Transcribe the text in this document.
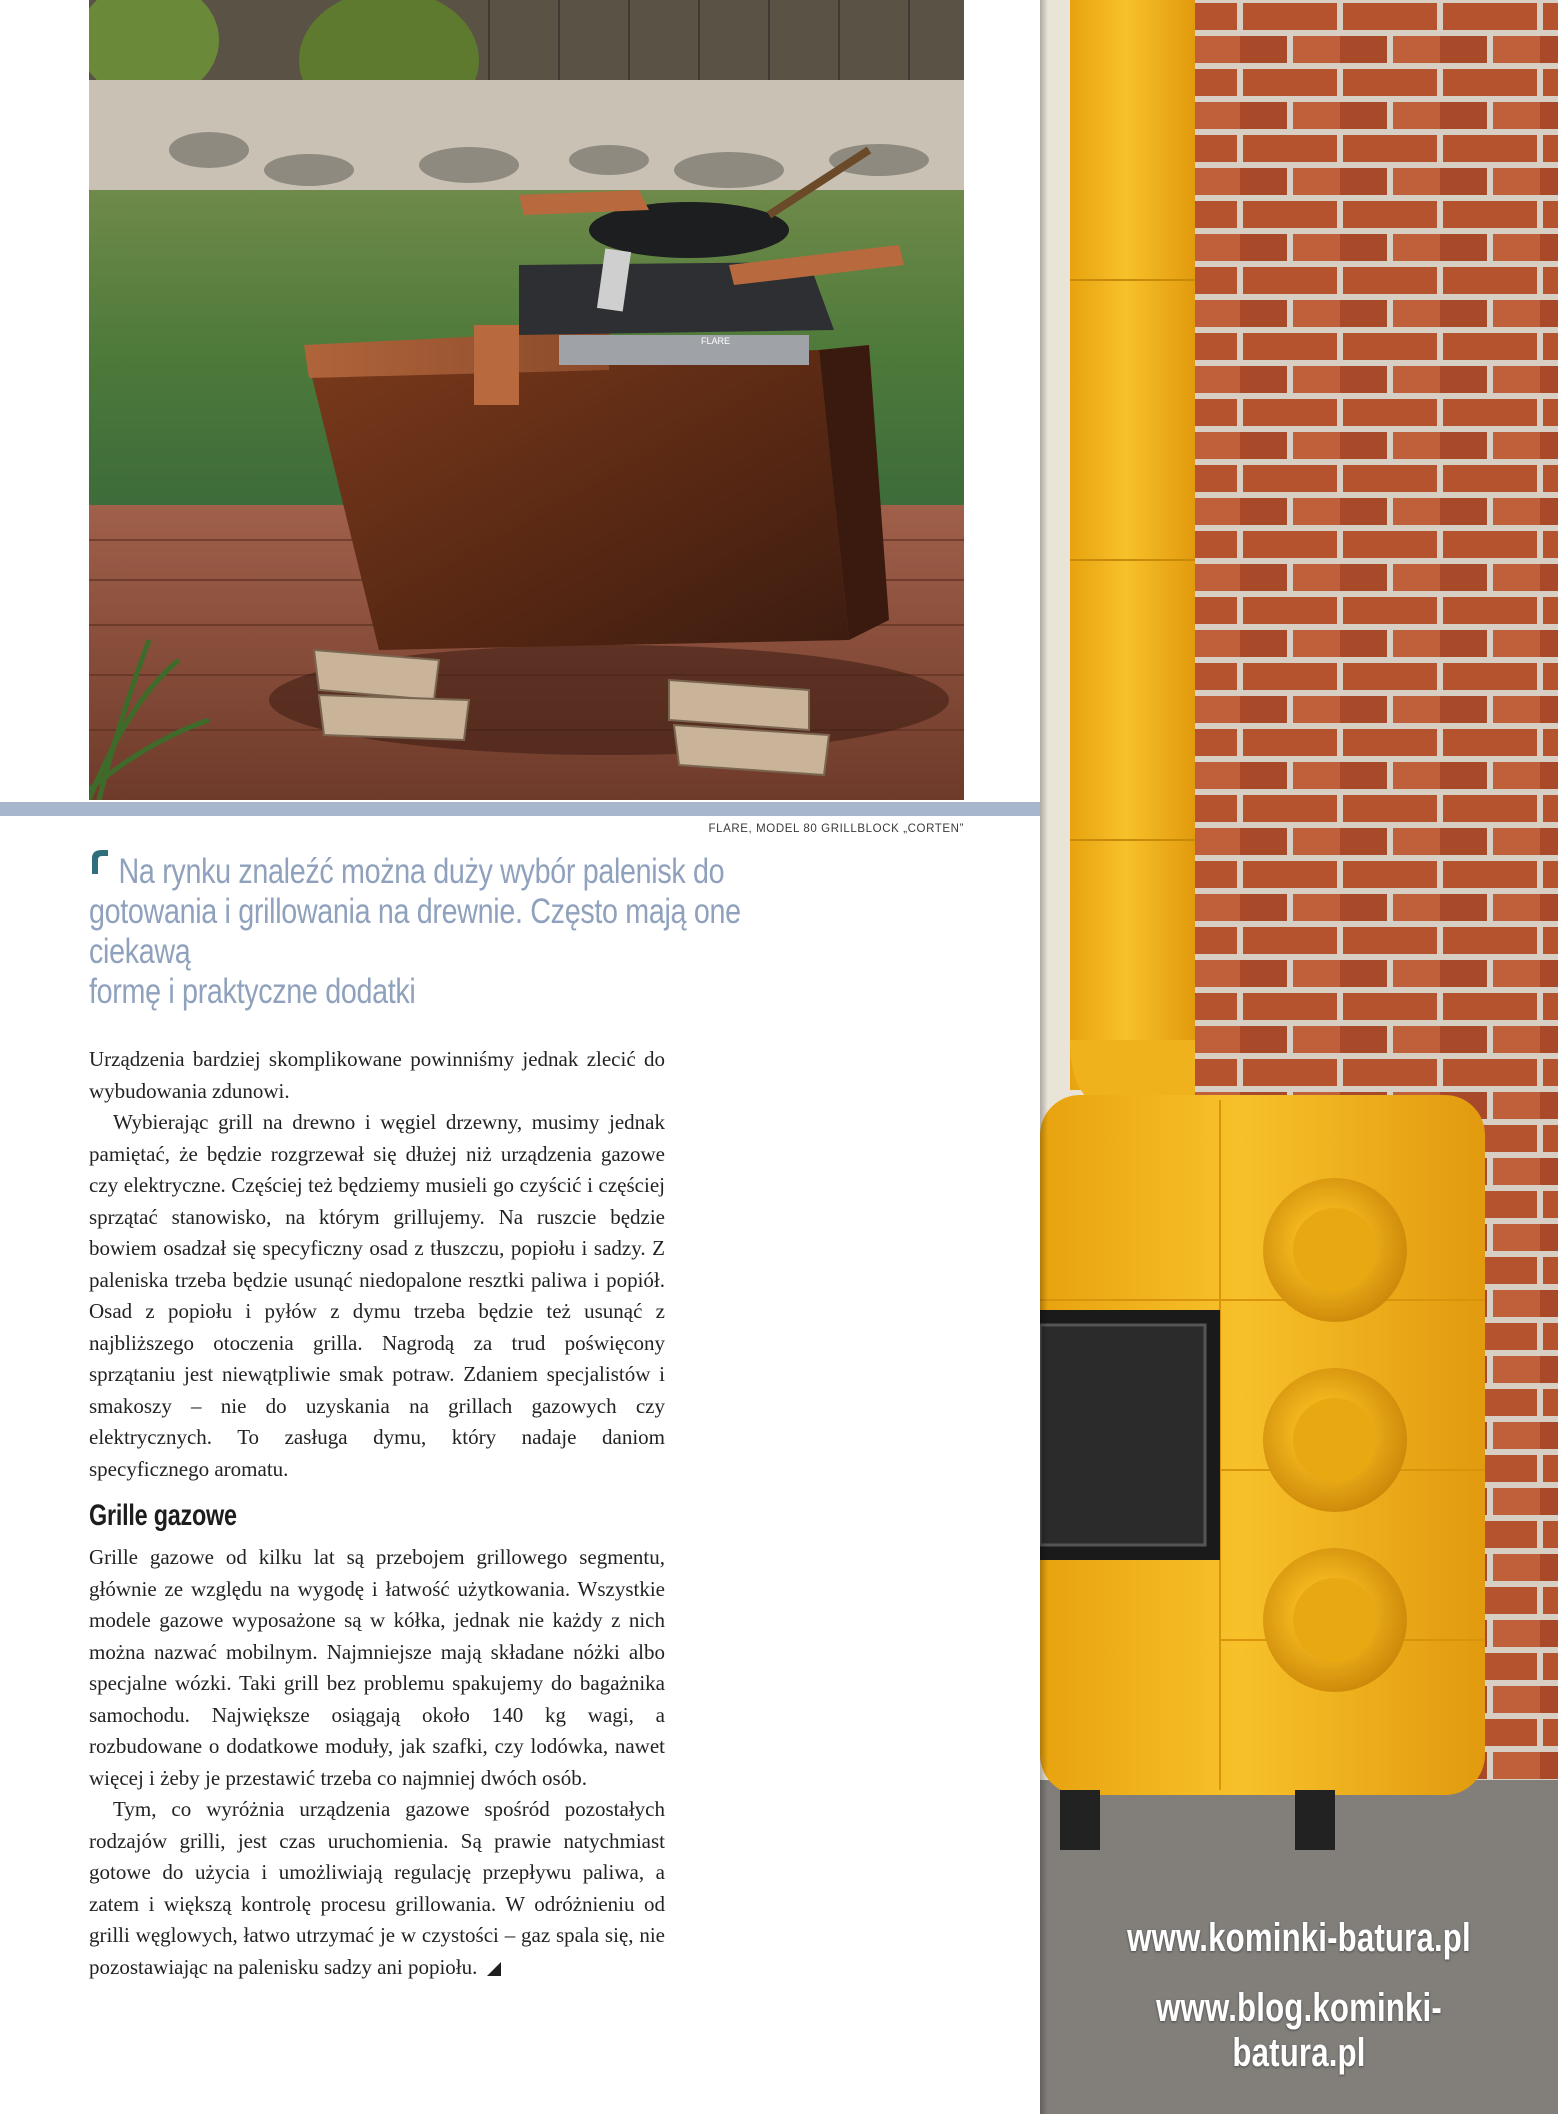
FLARE
FLARE, MODEL 80 GRILLBLOCK „CORTEN”
Na rynku znaleźć można duży wybór palenisk do
gotowania i grillowania na drewnie. Często mają one ciekawą
formę i praktyczne dodatki

Urządzenia bardziej skomplikowane powinniśmy jednak zlecić do wybudowania zdunowi.

Wybierając grill na drewno i węgiel drzewny, musimy jednak pamiętać, że będzie rozgrzewał się dłużej niż urządzenia gazowe czy elektryczne. Częściej też będziemy musieli go czyścić i częściej sprzątać stanowisko, na którym grillujemy. Na ruszcie będzie bowiem osadzał się specyficzny osad z tłuszczu, popiołu i sadzy. Z paleniska trzeba będzie usunąć niedopalone resztki paliwa i popiół. Osad z popiołu i pyłów z dymu trzeba będzie też usunąć z najbliższego otoczenia grilla. Nagrodą za trud poświęcony sprzątaniu jest niewątpliwie smak potraw. Zdaniem specjalistów i smakoszy – nie do uzyskania na grillach gazowych czy elektrycznych. To zasługa dymu, który nadaje daniom specyficznego aromatu.

Grille gazowe

Grille gazowe od kilku lat są przebojem grillowego segmentu, głównie ze względu na wygodę i łatwość użytkowania. Wszystkie modele gazowe wyposażone są w kółka, jednak nie każdy z nich można nazwać mobilnym. Najmniejsze mają składane nóżki albo specjalne wózki. Taki grill bez problemu spakujemy do bagażnika samochodu. Największe osiągają około 140 kg wagi, a rozbudowane o dodatkowe moduły, jak szafki, czy lodówka, nawet więcej i żeby je przestawić trzeba co najmniej dwóch osób.

Tym, co wyróżnia urządzenia gazowe spośród pozostałych rodzajów grilli, jest czas uruchomienia. Są prawie natychmiast gotowe do użycia i umożliwiają regulację przepływu paliwa, a zatem i większą kontrolę procesu grillowania. W odróżnieniu od grilli węglowych, łatwo utrzymać je w czystości – gaz spala się, nie pozostawiając na palenisku sadzy ani popiołu.

www.kominki-batura.pl
www.blog.kominki-batura.pl
